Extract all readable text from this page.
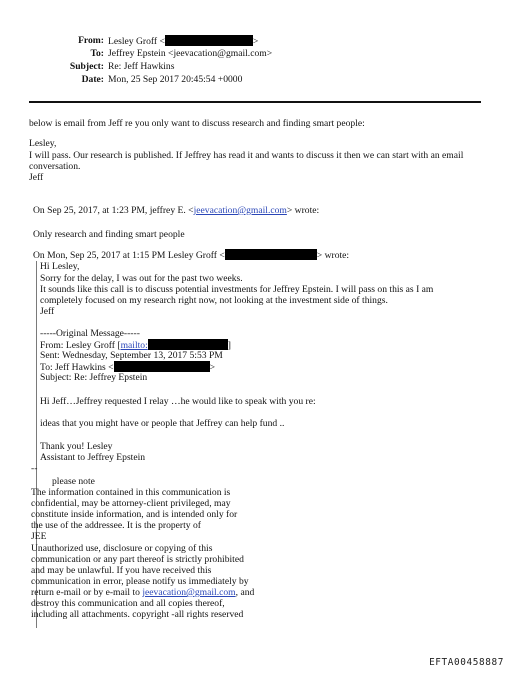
From: Lesley Groff <	>
To: Jeffrey Epstein <jeevacation@gmail.com>
Subject: Re: Jeff Hawkins
Date: Mon, 25 Sep 2017 20:45:54 +0000
below is email from Jeff re you only want to discuss research and finding smart people:
Lesley,
I will pass. Our research is published. If Jeffrey has read it and wants to discuss it then we can start with an email
conversation.
Jeff
On Sep 25, 2017, at 1:23 PM, jeffrey E. <jeevacation@gmail.com> wrote:
Only research and finding smart people
On Mon, Sep 25, 2017 at 1:15 PM Lesley Groff <	> wrote:
Hi Lesley,
Sorry for the delay, I was out for the past two weeks.
It sounds like this call is to discuss potential investments for Jeffrey Epstein. I will pass on this as I am
completely focused on my research right now, not looking at the investment side of things.
Jeff
-----Original Message-----
From: Lesley Groff [mailto:	]
Sent: Wednesday, September 13, 2017 5:53 PM
To: Jeff Hawkins <	>
Subject: Re: Jeffrey Epstein
Hi Jeff…Jeffrey requested I relay …he would like to speak with you re:
ideas that you might have or people that Jeffrey can help fund ..
Thank you! Lesley
Assistant to Jeffrey Epstein
--
please note
The information contained in this communication is
confidential, may be attorney-client privileged, may
constitute inside information, and is intended only for
the use of the addressee. It is the property of
JEE
Unauthorized use, disclosure or copying of this
communication or any part thereof is strictly prohibited
and may be unlawful. If you have received this
communication in error, please notify us immediately by
return e-mail or by e-mail to jeevacation@gmail.com, and
destroy this communication and all copies thereof,
including all attachments. copyright -all rights reserved
EFTA00458887
